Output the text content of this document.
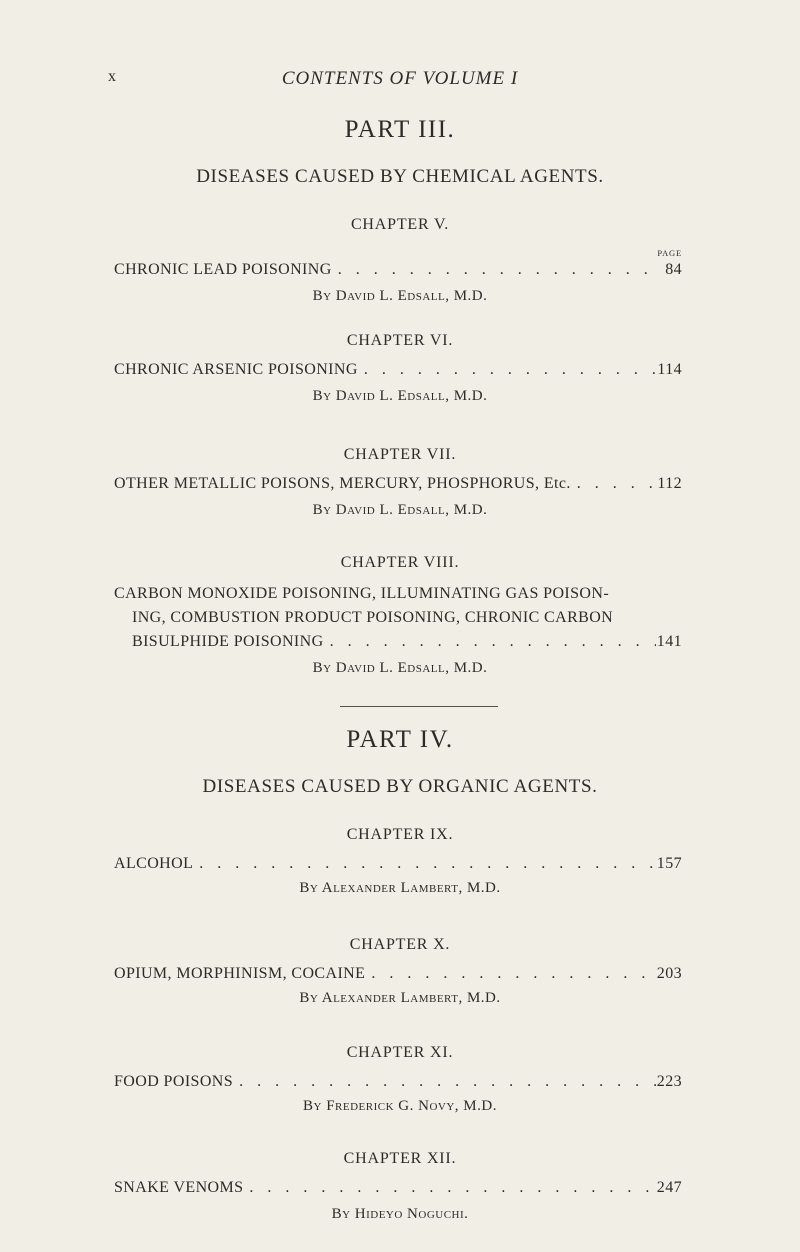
x	CONTENTS OF VOLUME I
PART III.
DISEASES CAUSED BY CHEMICAL AGENTS.
CHAPTER V.
PAGE
CHRONIC LEAD POISONING . . .	84
By David L. Edsall, M.D.
CHAPTER VI.
CHRONIC ARSENIC POISONING . . .	114
By David L. Edsall, M.D.
CHAPTER VII.
OTHER METALLIC POISONS, MERCURY, PHOSPHORUS, Etc. . . .	112
By David L. Edsall, M.D.
CHAPTER VIII.
CARBON MONOXIDE POISONING, ILLUMINATING GAS POISON-
ING, COMBUSTION PRODUCT POISONING, CHRONIC CARBON
BISULPHIDE POISONING . . .	141
By David L. Edsall, M.D.
PART IV.
DISEASES CAUSED BY ORGANIC AGENTS.
CHAPTER IX.
ALCOHOL . . .	157
By Alexander Lambert, M.D.
CHAPTER X.
OPIUM, MORPHINISM, COCAINE . . .	203
By Alexander Lambert, M.D.
CHAPTER XI.
FOOD POISONS . . .	223
By Frederick G. Novy, M.D.
CHAPTER XII.
SNAKE VENOMS . . .	247
By Hideyo Noguchi.
